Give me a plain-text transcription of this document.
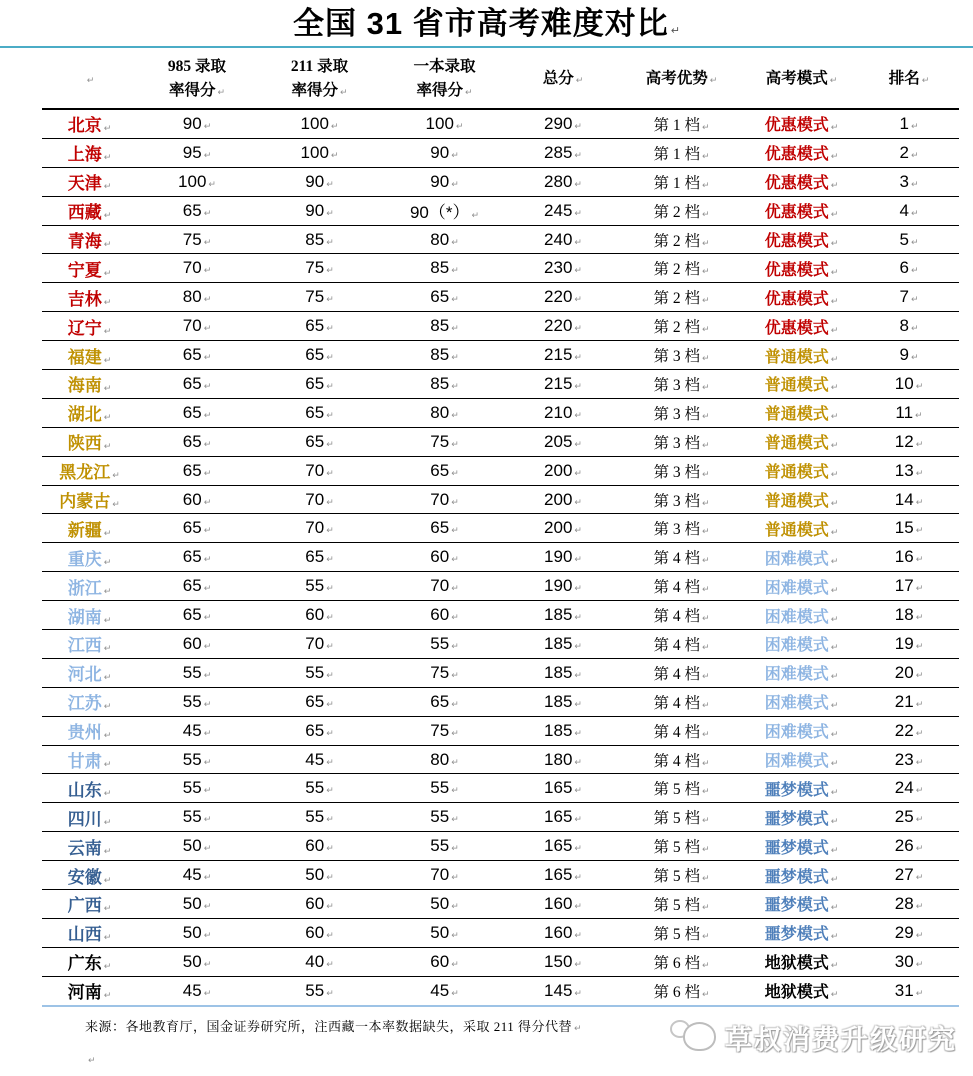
全国 31 省市高考难度对比 ↵
↵	985 录取
率得分 ↵	211 录取
率得分 ↵	一本录取
率得分 ↵	总分 ↵	高考优势 ↵	高考模式 ↵	排名 ↵
北京 ↵	90 ↵	100 ↵	100 ↵	290 ↵	第 1 档 ↵	优惠模式 ↵	1 ↵
上海 ↵	95 ↵	100 ↵	90 ↵	285 ↵	第 1 档 ↵	优惠模式 ↵	2 ↵
天津 ↵	100 ↵	90 ↵	90 ↵	280 ↵	第 1 档 ↵	优惠模式 ↵	3 ↵
西藏 ↵	65 ↵	90 ↵	90（*） ↵	245 ↵	第 2 档 ↵	优惠模式 ↵	4 ↵
青海 ↵	75 ↵	85 ↵	80 ↵	240 ↵	第 2 档 ↵	优惠模式 ↵	5 ↵
宁夏 ↵	70 ↵	75 ↵	85 ↵	230 ↵	第 2 档 ↵	优惠模式 ↵	6 ↵
吉林 ↵	80 ↵	75 ↵	65 ↵	220 ↵	第 2 档 ↵	优惠模式 ↵	7 ↵
辽宁 ↵	70 ↵	65 ↵	85 ↵	220 ↵	第 2 档 ↵	优惠模式 ↵	8 ↵
福建 ↵	65 ↵	65 ↵	85 ↵	215 ↵	第 3 档 ↵	普通模式 ↵	9 ↵
海南 ↵	65 ↵	65 ↵	85 ↵	215 ↵	第 3 档 ↵	普通模式 ↵	10 ↵
湖北 ↵	65 ↵	65 ↵	80 ↵	210 ↵	第 3 档 ↵	普通模式 ↵	11 ↵
陕西 ↵	65 ↵	65 ↵	75 ↵	205 ↵	第 3 档 ↵	普通模式 ↵	12 ↵
黑龙江 ↵	65 ↵	70 ↵	65 ↵	200 ↵	第 3 档 ↵	普通模式 ↵	13 ↵
内蒙古 ↵	60 ↵	70 ↵	70 ↵	200 ↵	第 3 档 ↵	普通模式 ↵	14 ↵
新疆 ↵	65 ↵	70 ↵	65 ↵	200 ↵	第 3 档 ↵	普通模式 ↵	15 ↵
重庆 ↵	65 ↵	65 ↵	60 ↵	190 ↵	第 4 档 ↵	困难模式 ↵	16 ↵
浙江 ↵	65 ↵	55 ↵	70 ↵	190 ↵	第 4 档 ↵	困难模式 ↵	17 ↵
湖南 ↵	65 ↵	60 ↵	60 ↵	185 ↵	第 4 档 ↵	困难模式 ↵	18 ↵
江西 ↵	60 ↵	70 ↵	55 ↵	185 ↵	第 4 档 ↵	困难模式 ↵	19 ↵
河北 ↵	55 ↵	55 ↵	75 ↵	185 ↵	第 4 档 ↵	困难模式 ↵	20 ↵
江苏 ↵	55 ↵	65 ↵	65 ↵	185 ↵	第 4 档 ↵	困难模式 ↵	21 ↵
贵州 ↵	45 ↵	65 ↵	75 ↵	185 ↵	第 4 档 ↵	困难模式 ↵	22 ↵
甘肃 ↵	55 ↵	45 ↵	80 ↵	180 ↵	第 4 档 ↵	困难模式 ↵	23 ↵
山东 ↵	55 ↵	55 ↵	55 ↵	165 ↵	第 5 档 ↵	噩梦模式 ↵	24 ↵
四川 ↵	55 ↵	55 ↵	55 ↵	165 ↵	第 5 档 ↵	噩梦模式 ↵	25 ↵
云南 ↵	50 ↵	60 ↵	55 ↵	165 ↵	第 5 档 ↵	噩梦模式 ↵	26 ↵
安徽 ↵	45 ↵	50 ↵	70 ↵	165 ↵	第 5 档 ↵	噩梦模式 ↵	27 ↵
广西 ↵	50 ↵	60 ↵	50 ↵	160 ↵	第 5 档 ↵	噩梦模式 ↵	28 ↵
山西 ↵	50 ↵	60 ↵	50 ↵	160 ↵	第 5 档 ↵	噩梦模式 ↵	29 ↵
广东 ↵	50 ↵	40 ↵	60 ↵	150 ↵	第 6 档 ↵	地狱模式 ↵	30 ↵
河南 ↵	45 ↵	55 ↵	45 ↵	145 ↵	第 6 档 ↵	地狱模式 ↵	31 ↵
来源：各地教育厅，国金证券研究所，注西藏一本率数据缺失，采取 211 得分代替 ↵
↵
草叔消费升级研究
